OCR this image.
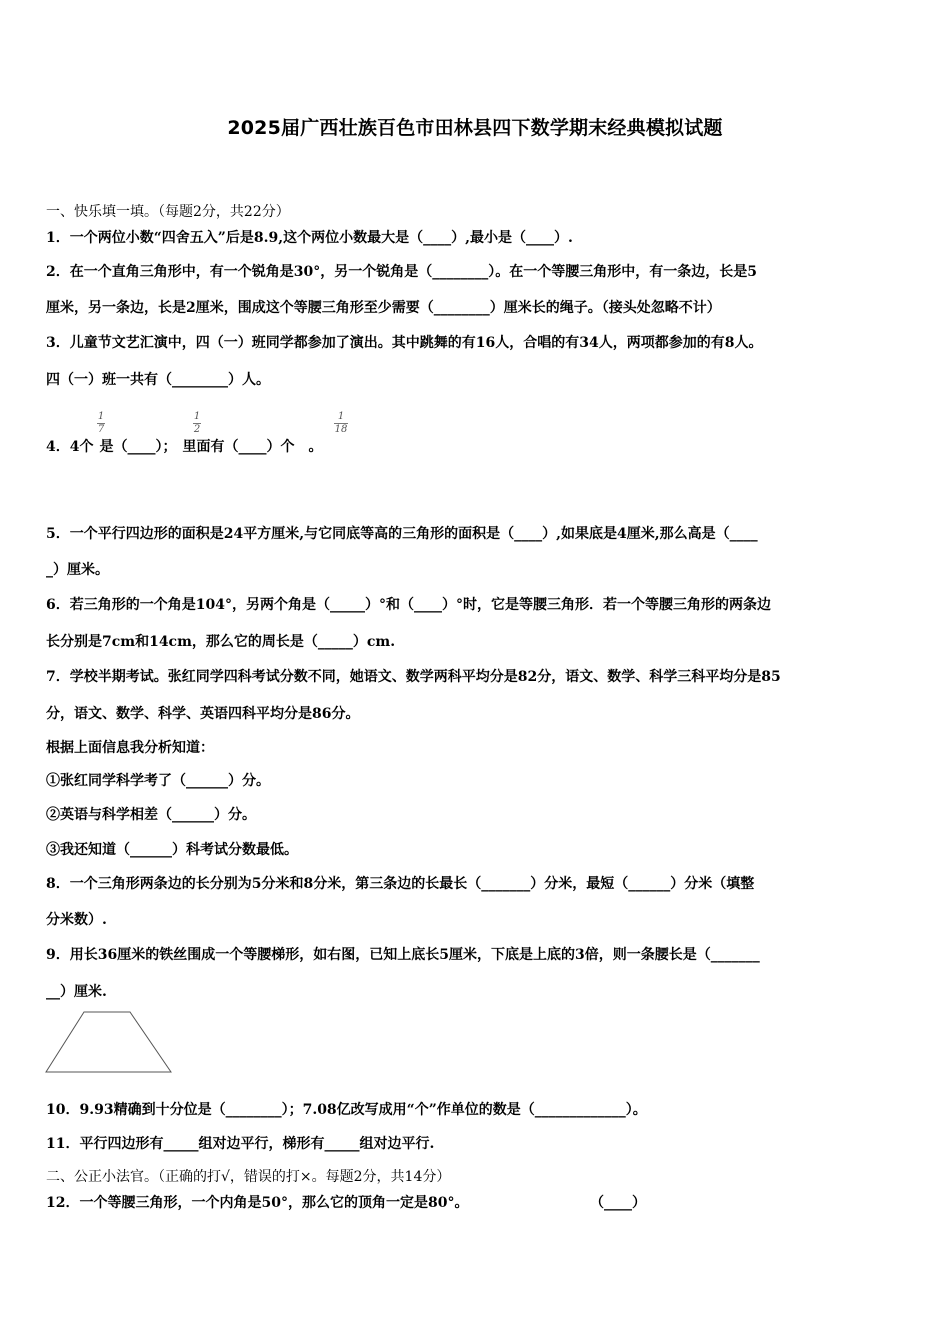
2025届广西壮族百色市田林县四下数学期末经典模拟试题
一、快乐填一填。（每题2分，共22分）
1．一个两位小数“四舍五入”后是8.9,这个两位小数最大是（____）,最小是（____）.
2．在一个直角三角形中，有一个锐角是30°，另一个锐角是（________）。在一个等腰三角形中，有一条边，长是5
厘米，另一条边，长是2厘米，围成这个等腰三角形至少需要（________）厘米长的绳子。（接头处忽略不计）
3．儿童节文艺汇演中，四（一）班同学都参加了演出。其中跳舞的有16人，合唱的有34人，两项都参加的有8人。
四（一）班一共有（________）人。
4．4个 是（____）； 里面有（____）个 。
1
7
1
2
1
18
5．一个平行四边形的面积是24平方厘米,与它同底等高的三角形的面积是（____）,如果底是4厘米,那么高是（____
_）厘米。
6．若三角形的一个角是104°，另两个角是（_____）°和（____）°时，它是等腰三角形．若一个等腰三角形的两条边
长分别是7cm和14cm，那么它的周长是（_____）cm.
7．学校半期考试。张红同学四科考试分数不同，她语文、数学两科平均分是82分，语文、数学、科学三科平均分是85
分，语文、数学、科学、英语四科平均分是86分。
根据上面信息我分析知道：
①张红同学科学考了（______）分。
②英语与科学相差（______）分。
③我还知道（______）科考试分数最低。
8．一个三角形两条边的长分别为5分米和8分米，第三条边的长最长（_______）分米，最短（______）分米（填整
分米数）.
9．用长36厘米的铁丝围成一个等腰梯形，如右图，已知上底长5厘米，下底是上底的3倍，则一条腰长是（_______
__）厘米.
10．9.93精确到十分位是（________）；7.08亿改写成用“个”作单位的数是（_____________）。
11．平行四边形有_____组对边平行，梯形有_____组对边平行.
二、公正小法官。（正确的打√，错误的打×。每题2分，共14分）
12．一个等腰三角形，一个内角是50°，那么它的顶角一定是80°。	（____）
